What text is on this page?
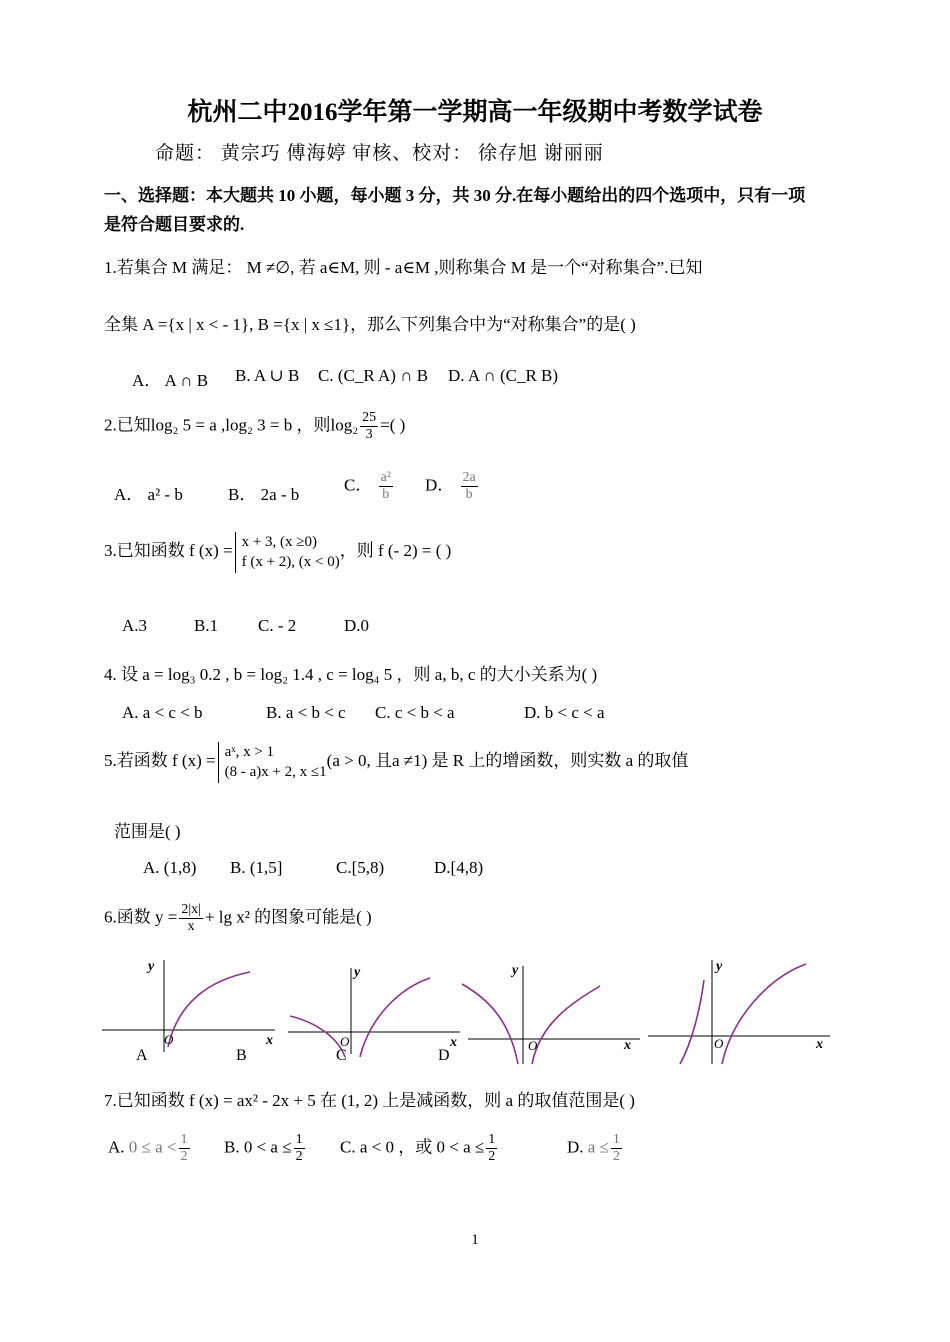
杭州二中2016学年第一学期高一年级期中考数学试卷
命题： 黄宗巧 傅海婷 审核、校对： 徐存旭 谢丽丽
一、选择题：本大题共 10 小题，每小题 3 分，共 30 分.在每小题给出的四个选项中，只有一项
是符合题目要求的.
1.若集合 M 满足： M ≠∅, 若 a∈M, 则 - a∈M ,则称集合 M 是一个“对称集合”.已知
全集 A ={x | x < - 1}, B ={x | x ≤1}，那么下列集合中为“对称集合”的是( )
A． A ∩ B B. A ∪ B C. (C_R A) ∩ B D. A ∩ (C_R B)
2.已知log₂ 5 = a ,log₂ 3 = b ，则$\log_2 \frac{25}{3}$ =( )
A． a² - b	B． 2a - b	C． $\frac{\text{a²}}{b}$ D． $\frac{2a}{b}$
3.已知函数 f (x) = x + 3, (x ≥0)
f (x + 2), (x < 0)
，则 f (- 2) = ( )
A.3	B.1 C. - 2	D.0
4. 设 a = log₃ 0.2 , b = log₂ 1.4 , c = log₄ 5 ，则 a, b, c 的大小关系为( )
A. a < c < b	B. a < b < c C. c < b < a	D. b < c < a
5.若函数 f (x) = aˣ, x > 1
(8 - a)x + 2, x ≤1
(a > 0, 且a ≠1) 是 R 上的增函数，则实数 a 的取值
范围是( )
A. (1,8) B. (1,5]	C.[5,8)	D.[4,8)
6.函数 $y = \frac{2|x|}{x} + \lg x^2$ 的图象可能是( )
y
x
O
A
y
x
O
B
y
x
O
C
y
x
O
D
7.已知函数 f (x) = ax² - 2x + 5 在 (1, 2) 上是减函数，则 a 的取值范围是( )
A. $0 \le a < \frac{1}{2} B$. $0 < a \le \frac{1}{2} C$. a < 0 ，或 $0 < a \le \frac{1}{2}$	D. $a \le \frac{1}{2}$
1
